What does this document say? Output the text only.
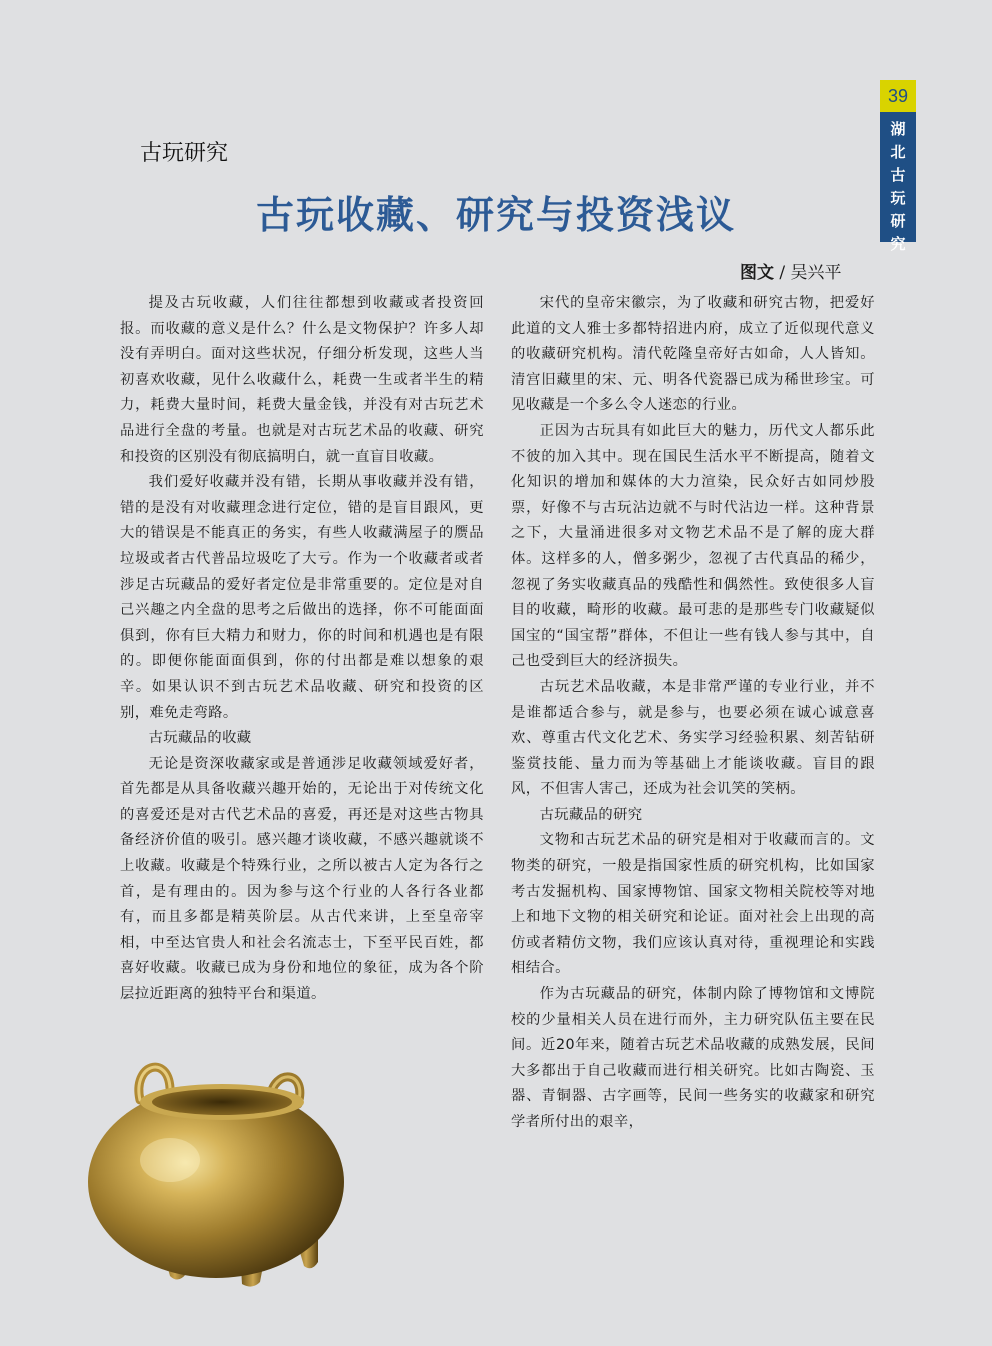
39
湖
北
古
玩
研
究
古玩研究
古玩收藏、研究与投资浅议
图文 / 吴兴平

提及古玩收藏，人们往往都想到收藏或者投资回报。而收藏的意义是什么？什么是文物保护？许多人却没有弄明白。面对这些状况，仔细分析发现，这些人当初喜欢收藏，见什么收藏什么，耗费一生或者半生的精力，耗费大量时间，耗费大量金钱，并没有对古玩艺术品进行全盘的考量。也就是对古玩艺术品的收藏、研究和投资的区别没有彻底搞明白，就一直盲目收藏。

我们爱好收藏并没有错，长期从事收藏并没有错，错的是没有对收藏理念进行定位，错的是盲目跟风，更大的错误是不能真正的务实，有些人收藏满屋子的赝品垃圾或者古代普品垃圾吃了大亏。作为一个收藏者或者涉足古玩藏品的爱好者定位是非常重要的。定位是对自己兴趣之内全盘的思考之后做出的选择，你不可能面面俱到，你有巨大精力和财力，你的时间和机遇也是有限的。即便你能面面俱到，你的付出都是难以想象的艰辛。如果认识不到古玩艺术品收藏、研究和投资的区别，难免走弯路。

古玩藏品的收藏

无论是资深收藏家或是普通涉足收藏领域爱好者，首先都是从具备收藏兴趣开始的，无论出于对传统文化的喜爱还是对古代艺术品的喜爱，再还是对这些古物具备经济价值的吸引。感兴趣才谈收藏，不感兴趣就谈不上收藏。收藏是个特殊行业，之所以被古人定为各行之首，是有理由的。因为参与这个行业的人各行各业都有，而且多都是精英阶层。从古代来讲，上至皇帝宰相，中至达官贵人和社会名流志士，下至平民百姓，都喜好收藏。收藏已成为身份和地位的象征，成为各个阶层拉近距离的独特平台和渠道。

宋代的皇帝宋徽宗，为了收藏和研究古物，把爱好此道的文人雅士多都特招进内府，成立了近似现代意义的收藏研究机构。清代乾隆皇帝好古如命，人人皆知。清宫旧藏里的宋、元、明各代瓷器已成为稀世珍宝。可见收藏是一个多么令人迷恋的行业。

正因为古玩具有如此巨大的魅力，历代文人都乐此不彼的加入其中。现在国民生活水平不断提高，随着文化知识的增加和媒体的大力渲染，民众好古如同炒股票，好像不与古玩沾边就不与时代沾边一样。这种背景之下，大量涌进很多对文物艺术品不是了解的庞大群体。这样多的人，僧多粥少，忽视了古代真品的稀少，忽视了务实收藏真品的残酷性和偶然性。致使很多人盲目的收藏，畸形的收藏。最可悲的是那些专门收藏疑似国宝的“国宝帮”群体，不但让一些有钱人参与其中，自己也受到巨大的经济损失。

古玩艺术品收藏，本是非常严谨的专业行业，并不是谁都适合参与，就是参与，也要必须在诚心诚意喜欢、尊重古代文化艺术、务实学习经验积累、刻苦钻研鉴赏技能、量力而为等基础上才能谈收藏。盲目的跟风，不但害人害己，还成为社会讥笑的笑柄。

古玩藏品的研究

文物和古玩艺术品的研究是相对于收藏而言的。文物类的研究，一般是指国家性质的研究机构，比如国家考古发掘机构、国家博物馆、国家文物相关院校等对地上和地下文物的相关研究和论证。面对社会上出现的高仿或者精仿文物，我们应该认真对待，重视理论和实践相结合。

作为古玩藏品的研究，体制内除了博物馆和文博院校的少量相关人员在进行而外，主力研究队伍主要在民间。近20年来，随着古玩艺术品收藏的成熟发展，民间大多都出于自己收藏而进行相关研究。比如古陶瓷、玉器、青铜器、古字画等，民间一些务实的收藏家和研究学者所付出的艰辛，
